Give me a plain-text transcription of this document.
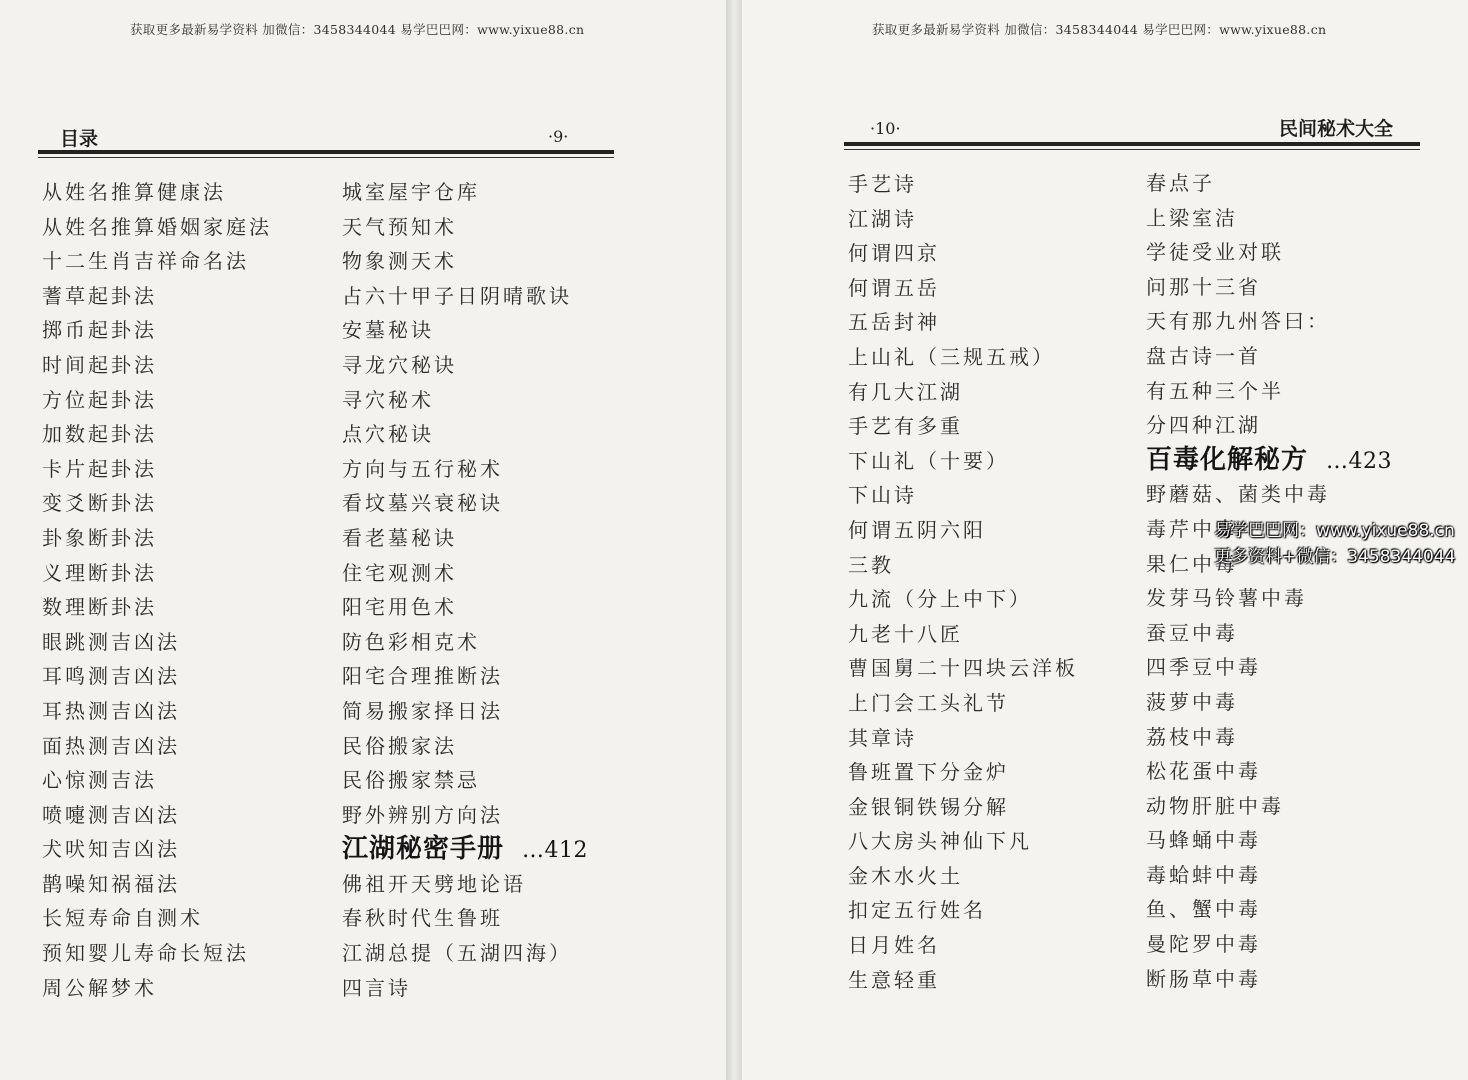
获取更多最新易学资料 加微信：3458344044 易学巴巴网：www.yixue88.cn
目录	·9·
从姓名推算健康法
从姓名推算婚姻家庭法
十二生肖吉祥命名法
蓍草起卦法
掷币起卦法
时间起卦法
方位起卦法
加数起卦法
卡片起卦法
变爻断卦法
卦象断卦法
义理断卦法
数理断卦法
眼跳测吉凶法
耳鸣测吉凶法
耳热测吉凶法
面热测吉凶法
心惊测吉法
喷嚏测吉凶法
犬吠知吉凶法
鹊噪知祸福法
长短寿命自测术
预知婴儿寿命长短法
周公解梦术
城室屋宇仓库
天气预知术
物象测天术
占六十甲子日阴晴歌诀
安墓秘诀
寻龙穴秘诀
寻穴秘术
点穴秘诀
方向与五行秘术
看坟墓兴衰秘诀
看老墓秘诀
住宅观测术
阳宅用色术
防色彩相克术
阳宅合理推断法
简易搬家择日法
民俗搬家法
民俗搬家禁忌
野外辨别方向法
江湖秘密手册 …412
佛祖开天劈地论语
春秋时代生鲁班
江湖总提（五湖四海）
四言诗
获取更多最新易学资料 加微信：3458344044 易学巴巴网：www.yixue88.cn
·10·	民间秘术大全
手艺诗
江湖诗
何谓四京
何谓五岳
五岳封神
上山礼（三规五戒）
有几大江湖
手艺有多重
下山礼（十要）
下山诗
何谓五阴六阳
三教
九流（分上中下）
九老十八匠
曹国舅二十四块云洋板
上门会工头礼节
其章诗
鲁班置下分金炉
金银铜铁锡分解
八大房头神仙下凡
金木水火土
扣定五行姓名
日月姓名
生意轻重
春点子
上梁室洁
学徒受业对联
问那十三省
天有那九州答曰：
盘古诗一首
有五种三个半
分四种江湖
百毒化解秘方 …423
野蘑菇、菌类中毒
毒芹中毒
果仁中毒
发芽马铃薯中毒
蚕豆中毒
四季豆中毒
菠萝中毒
荔枝中毒
松花蛋中毒
动物肝脏中毒
马蜂蛹中毒
毒蛤蚌中毒
鱼、蟹中毒
曼陀罗中毒
断肠草中毒
易学巴巴网：www.yixue88.cn
更多资料+微信：3458344044
